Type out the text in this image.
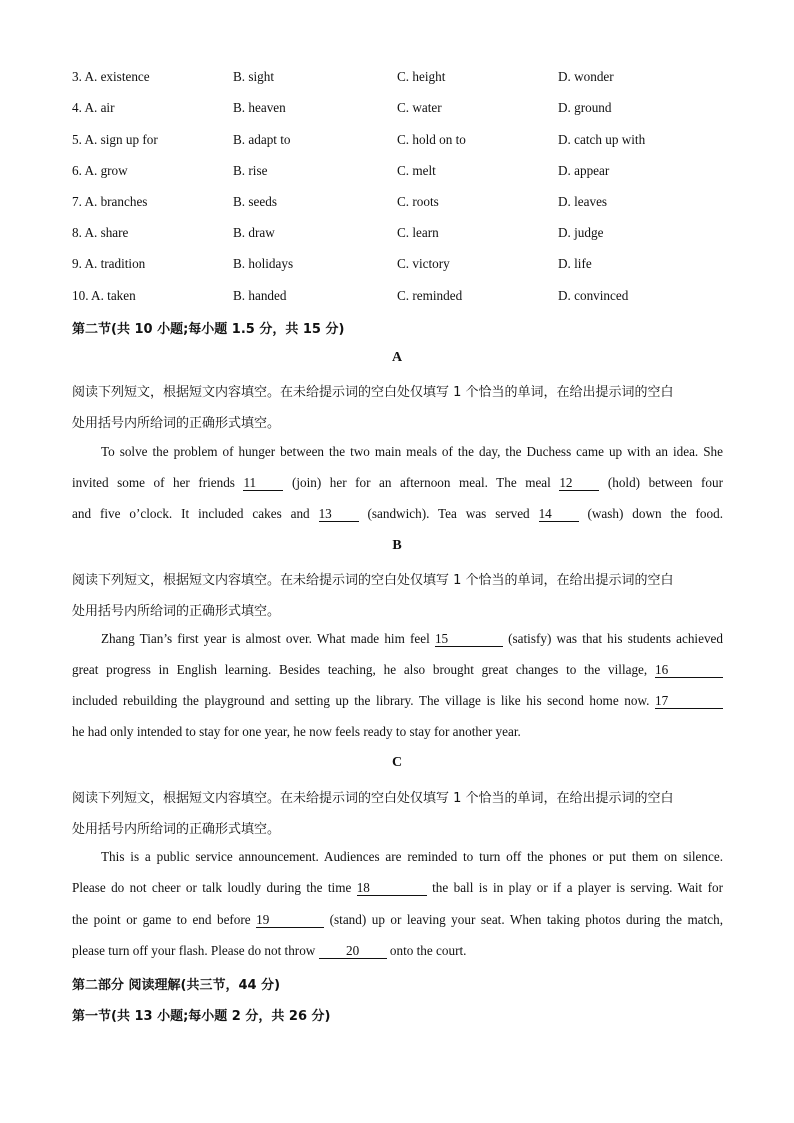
3. A. existence	B. sight	C. height	D. wonder
4. A. air	B. heaven	C. water	D. ground
5. A. sign up for	B. adapt to	C. hold on to	D. catch up with
6. A. grow	B. rise	C. melt	D. appear
7. A. branches	B. seeds	C. roots	D. leaves
8. A. share	B. draw	C. learn	D. judge
9. A. tradition	B. holidays	C. victory	D. life
10. A. taken	B. handed	C. reminded	D. convinced
第二节(共 10 小题;每小题 1.5 分，共 15 分)
A
阅读下列短文，根据短文内容填空。在未给提示词的空白处仅填写 1 个恰当的单词，在给出提示词的空白
处用括号内所给词的正确形式填空。
To solve the problem of hunger between the two main meals of the day, the Duchess came up with an idea. She
invited some of her friends 11 (join) her for an afternoon meal. The meal 12 (hold) between four
and five o’clock. It included cakes and 13 (sandwich). Tea was served 14 (wash) down the food.
B
阅读下列短文，根据短文内容填空。在未给提示词的空白处仅填写 1 个恰当的单词，在给出提示词的空白
处用括号内所给词的正确形式填空。
Zhang Tian’s first year is almost over. What made him feel 15	(satisfy) was that his students achieved
great progress in English learning. Besides teaching, he also brought great changes to the village, 16
included rebuilding the playground and setting up the library. The village is like his second home now. 17
he had only intended to stay for one year, he now feels ready to stay for another year.
C
阅读下列短文，根据短文内容填空。在未给提示词的空白处仅填写 1 个恰当的单词，在给出提示词的空白
处用括号内所给词的正确形式填空。
This is a public service announcement. Audiences are reminded to turn off the phones or put them on silence.
Please do not cheer or talk loudly during the time 18	the ball is in play or if a player is serving. Wait for
the point or game to end before 19	(stand) up or leaving your seat. When taking photos during the match,
please turn off your flash. Please do not throw 20 onto the court.
第二部分 阅读理解(共三节，44 分)
第一节(共 13 小题;每小题 2 分，共 26 分)
